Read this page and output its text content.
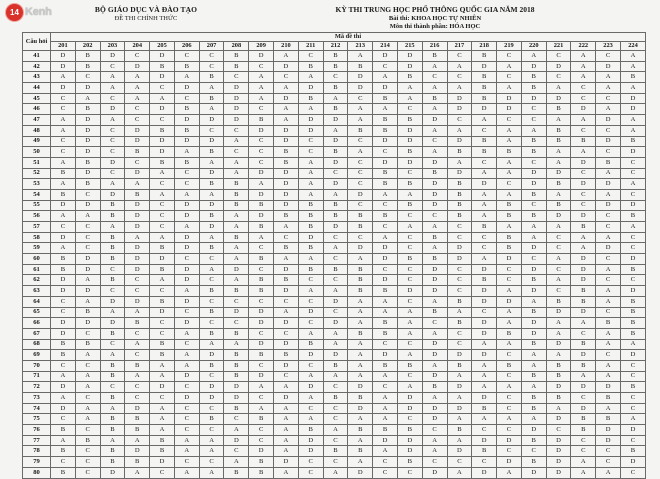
14 Kenh	BỘ GIÁO DỤC VÀ ĐÀO TẠO
ĐỀ THI CHÍNH THỨC
KỲ THI TRUNG HỌC PHỔ THÔNG QUỐC GIA NĂM 2018
Bài thi: KHOA HỌC TỰ NHIÊN
Môn thi thành phần: HÓA HỌC
Câu hỏi	Mã đề thi																							
	201	202	203	204	205	206	207	208	209	210	211	212	213	214	215	216	217	218	219	220	221	222	223	224
41	D	B	D	C	D	C	C	B	D	A	C	B	A	D	D	B	C	B	C	A	C	A	C	A
42	D	B	C	D	B	B	C	B	C	D	B	B	B	C	D	A	A	D	A	D	D	A	D	A
43	A	C	A	A	D	A	B	C	A	C	A	C	D	A	B	C	C	B	C	B	C	A	A	B
44	D	D	A	A	C	D	A	D	A	A	D	B	D	D	A	A	A	B	A	B	A	C	A	A
45	C	A	C	A	A	C	B	D	A	D	B	A	C	B	A	B	D	B	D	D	D	C	C	D
46	C	B	D	C	D	B	A	D	C	A	A	B	A	A	C	A	D	D	D	C	B	D	A	D
47	A	D	A	C	C	D	D	D	B	A	D	D	A	B	B	D	C	A	C	C	A	A	D	A
48	A	D	C	D	B	B	C	C	D	D	D	A	B	B	D	A	A	C	A	A	B	C	C	A
49	C	D	C	D	D	D	D	A	C	D	C	D	C	D	D	C	D	B	A	B	B	B	D	B
50	C	D	C	B	D	A	B	C	C	B	C	B	A	C	B	A	B	B	B	B	A	A	C	D
51	A	B	D	C	B	B	A	A	C	B	A	D	C	D	D	D	A	C	A	C	A	D	B	C
52	B	D	C	D	A	C	D	A	D	D	A	C	C	B	C	B	D	A	A	D	D	C	A	C
53	A	B	A	A	C	C	B	B	A	D	A	D	C	B	B	D	B	D	C	D	B	D	D	A
54	B	C	D	B	A	A	A	B	D	D	A	A	D	A	A	D	B	A	A	B	A	C	A	C
55	D	D	B	D	C	D	D	B	B	D	B	B	C	C	B	D	B	A	B	C	B	C	D	D
56	A	A	B	D	C	D	B	A	D	B	B	B	B	B	C	C	B	A	B	B	D	D	C	B
57	C	C	A	D	C	A	D	A	B	A	B	D	B	C	A	A	C	B	A	A	A	B	C	A
58	D	C	B	A	A	D	A	B	A	C	D	C	C	A	C	B	C	C	B	A	C	A	A	C
59	A	C	B	D	B	D	B	A	C	B	B	A	D	D	C	A	D	C	B	D	C	A	D	C
60	B	D	B	D	D	C	C	A	B	A	A	C	A	D	B	B	D	A	D	C	A	D	C	D
61	B	D	C	D	B	D	A	D	C	D	B	B	B	C	C	D	C	D	C	D	C	D	A	B
62	D	A	B	C	A	D	C	A	B	B	C	C	B	D	C	D	C	B	C	B	A	D	C	C
63	D	D	C	C	C	A	B	B	B	D	A	A	B	B	D	D	C	D	A	D	C	B	A	D
64	C	A	D	D	B	D	C	C	C	C	C	D	A	A	C	A	B	D	D	A	B	B	A	B
65	C	B	A	A	D	C	B	D	D	A	D	C	A	A	A	B	A	C	A	B	D	D	C	B
66	D	D	D	B	C	D	C	C	D	D	C	D	A	B	A	C	B	D	A	D	A	A	B	B
67	D	C	B	C	C	A	B	B	C	C	A	A	B	B	A	A	C	D	B	D	A	C	A	B
68	B	B	C	A	B	C	A	A	D	D	B	A	A	C	C	D	C	A	A	B	D	B	A	A
69	B	A	A	C	B	A	D	B	B	B	D	D	A	D	A	D	D	D	C	A	A	D	C	D
70	C	C	B	B	A	A	B	B	C	D	C	B	A	B	B	A	B	A	B	A	B	B	A	C
71	A	A	B	A	A	D	C	B	D	C	A	A	A	A	C	D	A	A	C	B	B	A	A	C
72	D	A	C	C	D	C	D	D	A	A	D	C	D	C	A	B	D	A	A	A	D	D	D	B
73	A	C	B	C	C	D	D	D	C	D	A	B	B	A	D	A	A	D	C	B	B	C	B	C
74	D	A	A	D	A	C	C	B	A	A	C	C	D	A	D	D	D	B	C	B	A	D	A	C
75	C	A	B	B	A	C	B	C	B	A	A	C	A	A	C	D	A	A	A	A	D	B	B	A
76	B	C	B	B	A	C	C	A	C	A	B	A	B	B	B	C	B	C	C	D	C	B	D	D
77	A	B	A	A	B	A	A	D	C	A	D	C	A	D	D	A	A	D	D	B	D	C	D	C
78	B	C	B	D	B	A	A	C	D	A	D	B	B	A	D	A	D	B	C	C	D	C	C	B
79	C	C	B	B	D	C	C	A	B	D	C	C	A	C	B	C	C	C	D	B	D	A	C	D
80	B	C	D	A	C	A	A	B	B	A	C	A	D	C	C	D	A	D	A	D	D	A	A	C
